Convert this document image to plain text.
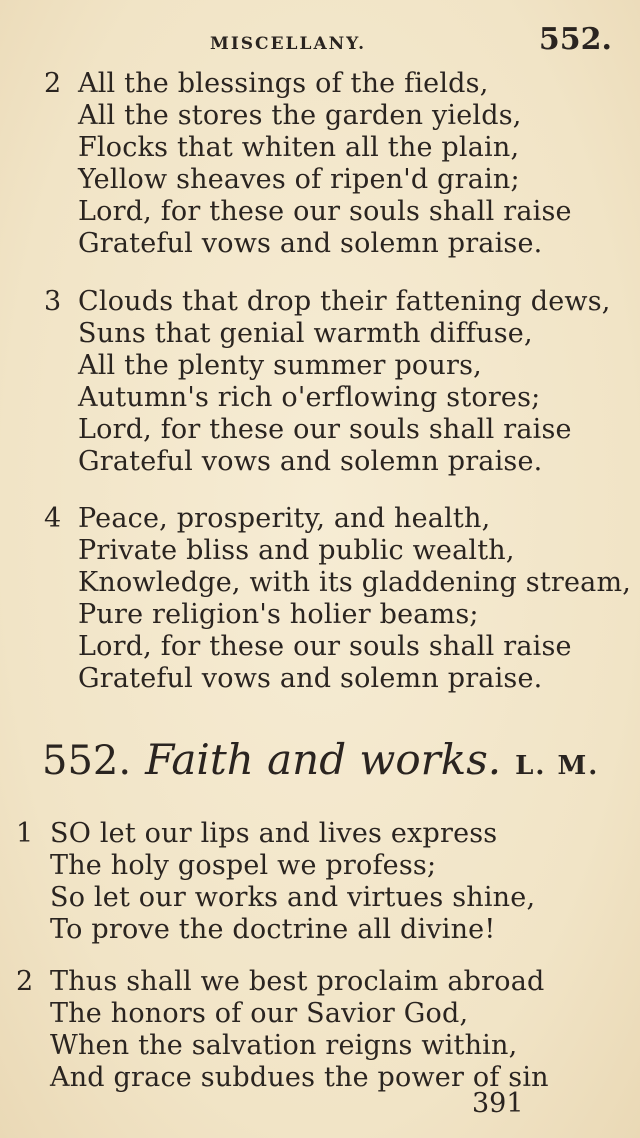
MISCELLANY.	552.
2 All the blessings of the fields,
All the stores the garden yields,
Flocks that whiten all the plain,
Yellow sheaves of ripen'd grain;
Lord, for these our souls shall raise
Grateful vows and solemn praise.
3 Clouds that drop their fattening dews,
Suns that genial warmth diffuse,
All the plenty summer pours,
Autumn's rich o'erflowing stores;
Lord, for these our souls shall raise
Grateful vows and solemn praise.
4 Peace, prosperity, and health,
Private bliss and public wealth,
Knowledge, with its gladdening stream,
Pure religion's holier beams;
Lord, for these our souls shall raise
Grateful vows and solemn praise.
552. Faith and works. L. M.
1 SO let our lips and lives express
The holy gospel we profess;
So let our works and virtues shine,
To prove the doctrine all divine!
2 Thus shall we best proclaim abroad
The honors of our Savior God,
When the salvation reigns within,
And grace subdues the power of sin
391
